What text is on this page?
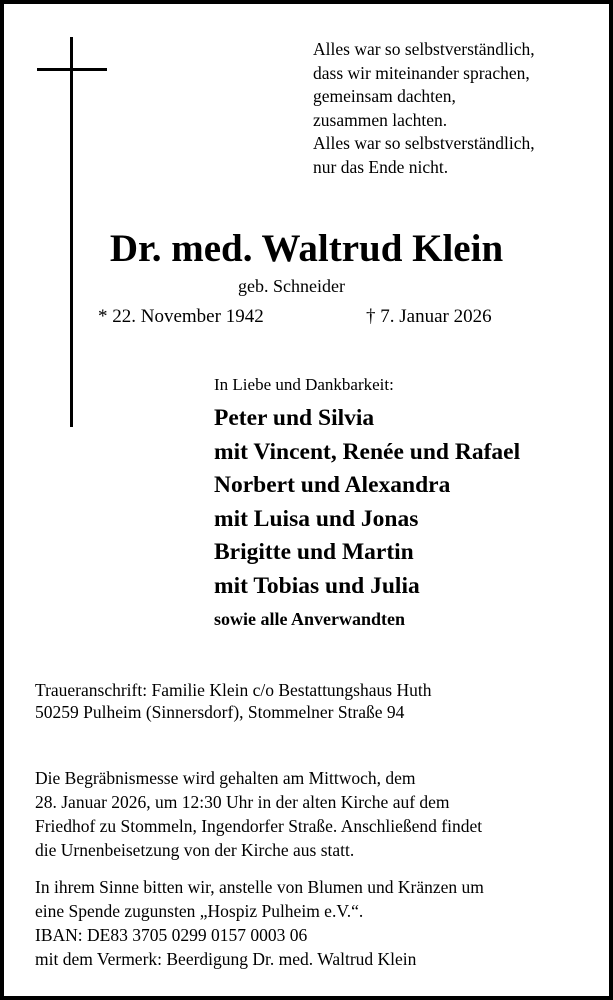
Alles war so selbstverständlich,
dass wir miteinander sprachen,
gemeinsam dachten,
zusammen lachten.
Alles war so selbstverständlich,
nur das Ende nicht.
Dr. med. Waltrud Klein
geb. Schneider
* 22. November 1942	† 7. Januar 2026
In Liebe und Dankbarkeit:
Peter und Silvia
mit Vincent, Renée und Rafael
Norbert und Alexandra
mit Luisa und Jonas
Brigitte und Martin
mit Tobias und Julia
sowie alle Anverwandten
Traueranschrift: Familie Klein c/o Bestattungshaus Huth
50259 Pulheim (Sinnersdorf), Stommelner Straße 94
Die Begräbnismesse wird gehalten am Mittwoch, dem
28. Januar 2026, um 12:30 Uhr in der alten Kirche auf dem
Friedhof zu Stommeln, Ingendorfer Straße. Anschließend findet
die Urnenbeisetzung von der Kirche aus statt.
In ihrem Sinne bitten wir, anstelle von Blumen und Kränzen um
eine Spende zugunsten „Hospiz Pulheim e.V.“.
IBAN: DE83 3705 0299 0157 0003 06
mit dem Vermerk: Beerdigung Dr. med. Waltrud Klein
